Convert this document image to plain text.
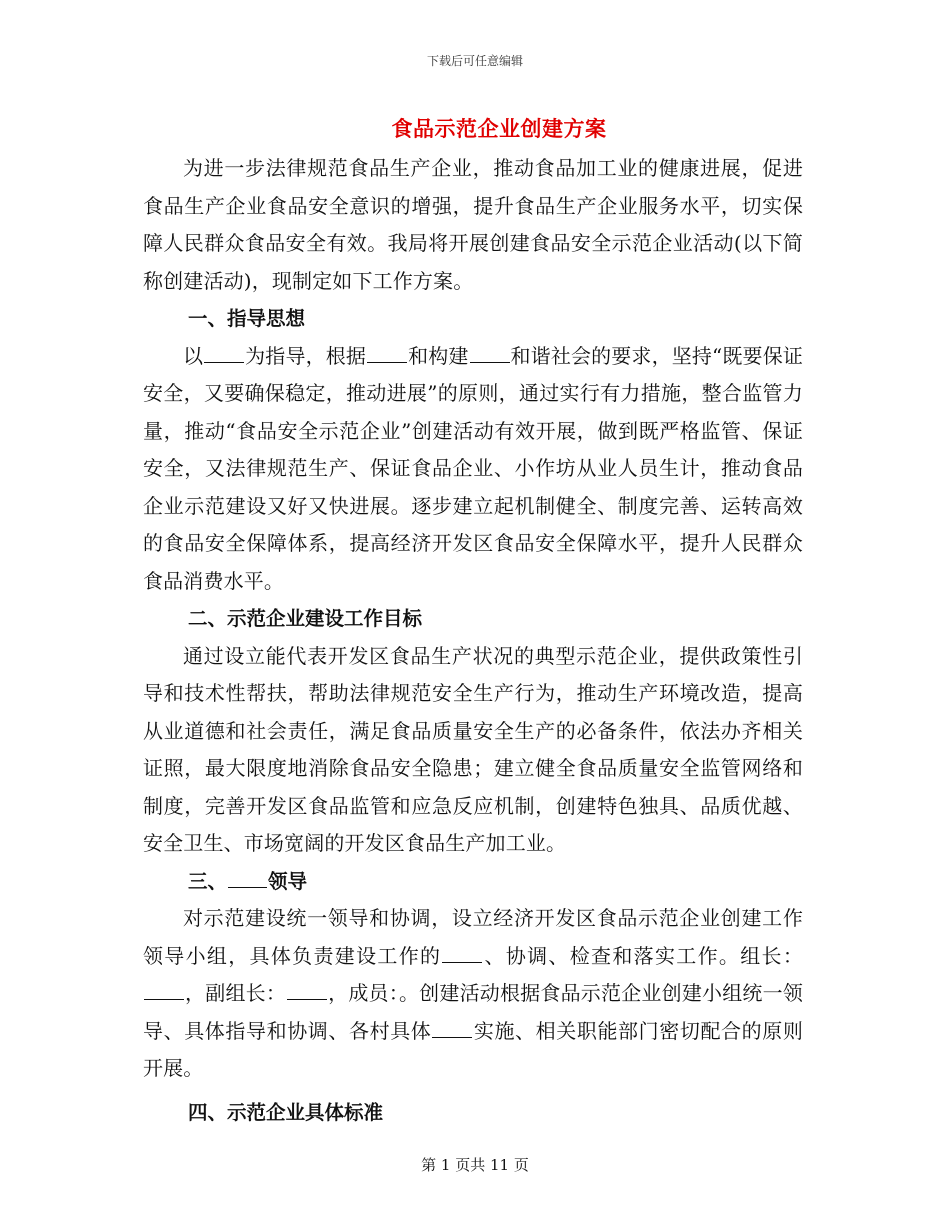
下载后可任意编辑
食品示范企业创建方案

为进一步法律规范食品生产企业，推动食品加工业的健康进展，促进食品生产企业食品安全意识的增强，提升食品生产企业服务水平，切实保障人民群众食品安全有效。我局将开展创建食品安全示范企业活动(以下简称创建活动)，现制定如下工作方案。

一、指导思想

以 为指导，根据 和构建 和谐社会的要求，坚持“既要保证安全，又要确保稳定，推动进展”的原则，通过实行有力措施，整合监管力量，推动“食品安全示范企业”创建活动有效开展，做到既严格监管、保证安全，又法律规范生产、保证食品企业、小作坊从业人员生计，推动食品企业示范建设又好又快进展。逐步建立起机制健全、制度完善、运转高效的食品安全保障体系，提高经济开发区食品安全保障水平，提升人民群众食品消费水平。

二、示范企业建设工作目标

通过设立能代表开发区食品生产状况的典型示范企业，提供政策性引导和技术性帮扶，帮助法律规范安全生产行为，推动生产环境改造，提高从业道德和社会责任，满足食品质量安全生产的必备条件，依法办齐相关证照，最大限度地消除食品安全隐患；建立健全食品质量安全监管网络和制度，完善开发区食品监管和应急反应机制，创建特色独具、品质优越、安全卫生、市场宽阔的开发区食品生产加工业。

三、 领导

对示范建设统一领导和协调，设立经济开发区食品示范企业创建工作领导小组，具体负责建设工作的 、协调、检查和落实工作。组长：，副组长： ，成员：。创建活动根据食品示范企业创建小组统一领导、具体指导和协调、各村具体 实施、相关职能部门密切配合的原则开展。

四、示范企业具体标准

第 1 页共 11 页
